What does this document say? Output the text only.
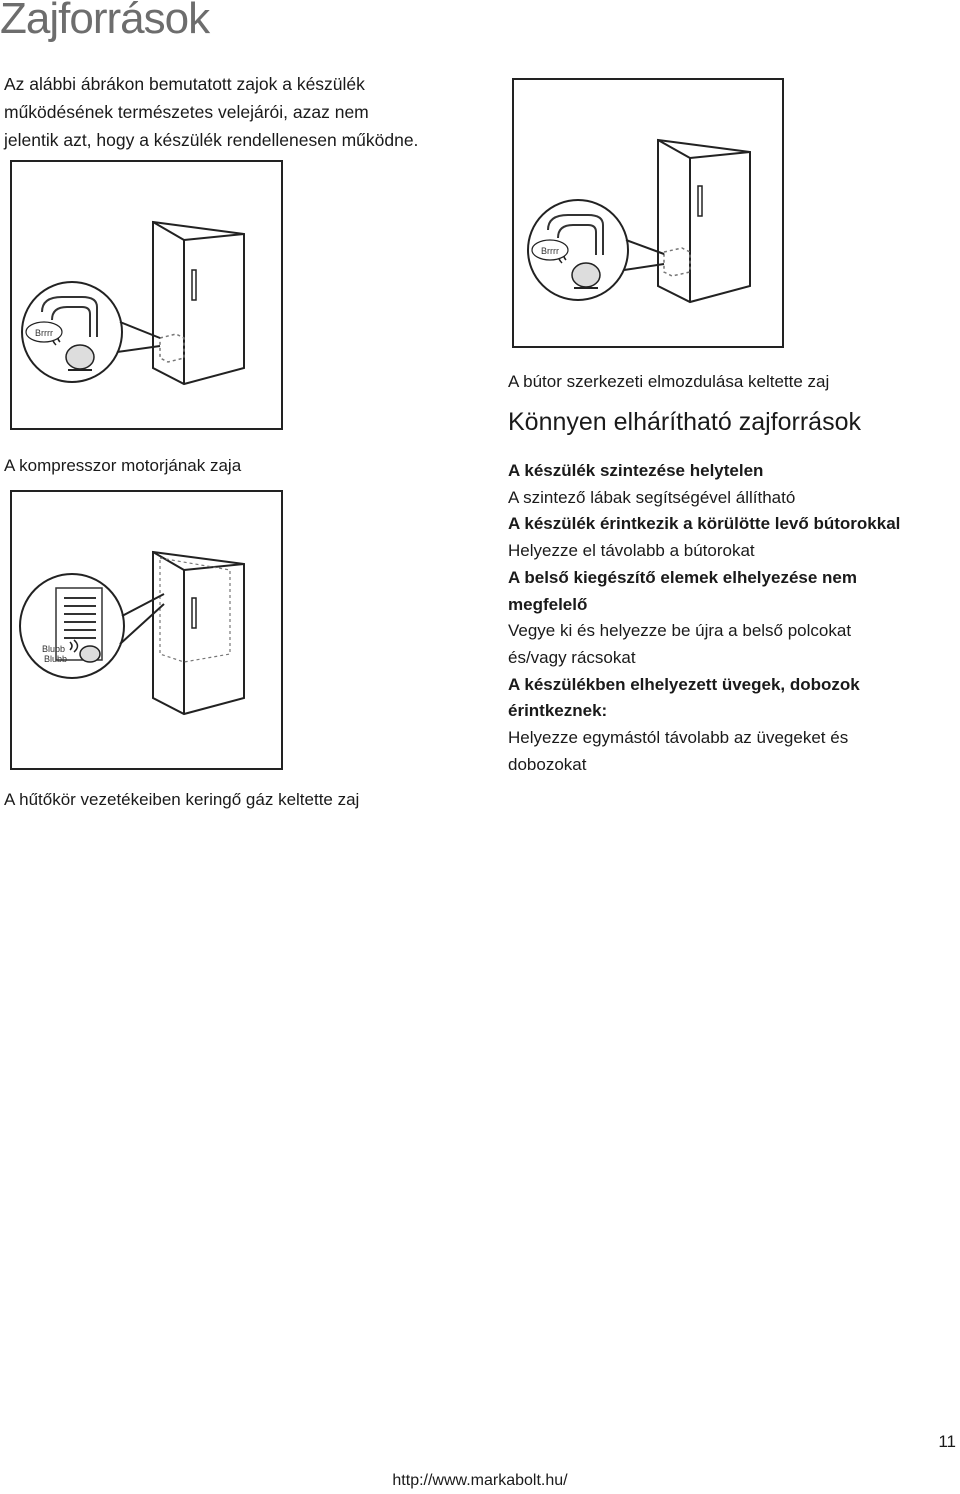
Zajforrások
Az alábbi ábrákon bemutatott zajok a készülék
működésének természetes velejárói, azaz nem
jelentik azt, hogy a készülék rendellenesen működne.
Brrrr
A kompresszor motorjának zaja
Blubb
Blubb
A hűtőkör vezetékeiben keringő gáz keltette zaj
Brrrr
A bútor szerkezeti elmozdulása keltette zaj
Könnyen elhárítható zajforrások
A készülék szintezése helytelen
A szintező lábak segítségével állítható
A készülék érintkezik a körülötte levő bútorokkal
Helyezze el távolabb a bútorokat
A belső kiegészítő elemek elhelyezése nem
megfelelő
Vegye ki és helyezze be újra a belső polcokat
és/vagy rácsokat
A készülékben elhelyezett üvegek, dobozok
érintkeznek:
Helyezze egymástól távolabb az üvegeket és
dobozokat
11
http://www.markabolt.hu/
